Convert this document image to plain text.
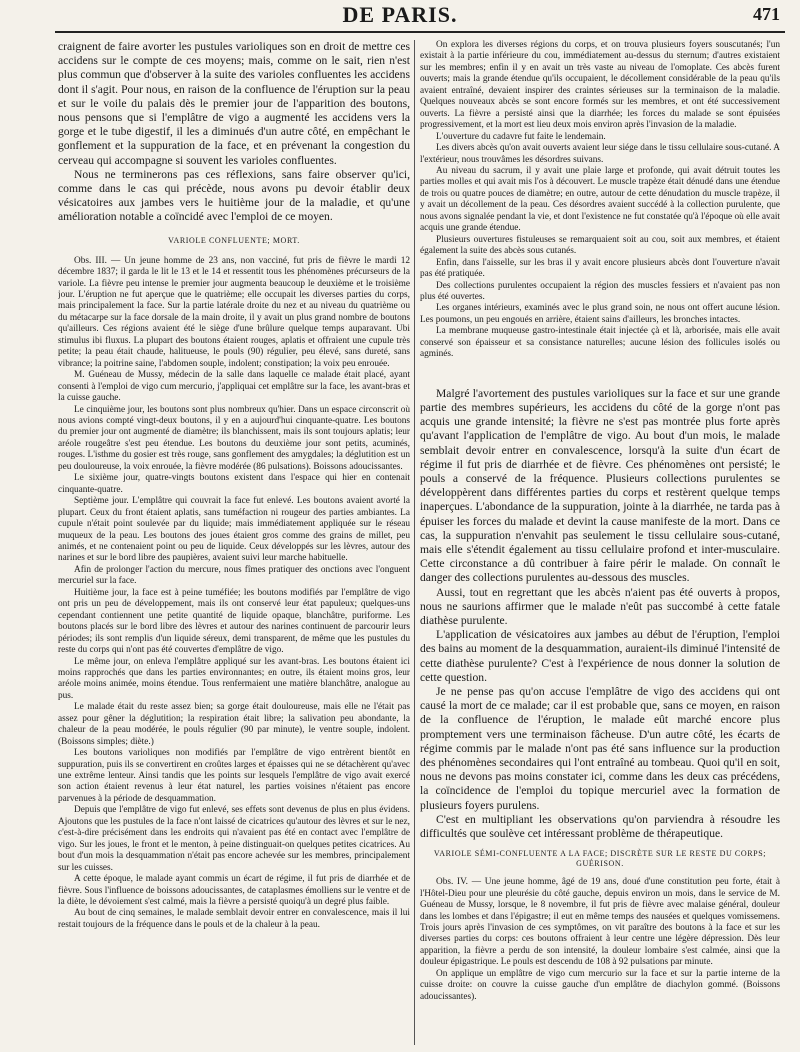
DE PARIS.	471

craignent de faire avorter les pustules varioliques son en droit de mettre ces accidens sur le compte de ces moyens; mais, comme on le sait, rien n'est plus commun que d'observer à la suite des varioles confluentes les accidens dont il s'agit. Pour nous, en raison de la confluence de l'éruption sur la peau et sur le voile du palais dès le premier jour de l'apparition des boutons, nous pensons que si l'emplâtre de vigo a augmenté les accidens vers la gorge et le tube digestif, il les a diminués d'un autre côté, en empêchant le gonflement et la suppuration de la face, et en prévenant la congestion du cerveau qui accompagne si souvent les varioles confluentes.

Nous ne terminerons pas ces réflexions, sans faire observer qu'ici, comme dans le cas qui précède, nous avons pu devoir établir deux vésicatoires aux jambes vers le huitième jour de la maladie, et qu'une amélioration notable a coïncidé avec l'emploi de ce moyen.

VARIOLE CONFLUENTE; MORT.

Obs. III. — Un jeune homme de 23 ans, non vacciné, fut pris de fièvre le mardi 12 décembre 1837; il garda le lit le 13 et le 14 et ressentit tous les phénomènes précurseurs de la variole. La fièvre peu intense le premier jour augmenta beaucoup le deuxième et le troisième jour. L'éruption ne fut aperçue que le quatrième; elle occupait les diverses parties du corps, mais principalement la face. Sur la partie latérale droite du nez et au niveau du quatrième ou du métacarpe sur la face dorsale de la main droite, il y avait un plus grand nombre de boutons qu'ailleurs. Ces régions avaient été le siège d'une brûlure quelque temps auparavant. Ubi stimulus ibi fluxus. La plupart des boutons étaient rouges, aplatis et offraient une cupule très petite; la peau était chaude, halitueuse, le pouls (90) régulier, peu élevé, sans dureté, sans vibrance; la poitrine saine, l'abdomen souple, indolent; constipation; la voix peu enrouée.

M. Guéneau de Mussy, médecin de la salle dans laquelle ce malade était placé, ayant consenti à l'emploi de vigo cum mercurio, j'appliquai cet emplâtre sur la face, les avant-bras et la cuisse gauche.

Le cinquième jour, les boutons sont plus nombreux qu'hier. Dans un espace circonscrit où nous avions compté vingt-deux boutons, il y en a aujourd'hui cinquante-quatre. Les boutons du premier jour ont augmenté de diamètre; ils blanchissent, mais ils sont toujours aplatis; leur aréole rougeâtre s'est peu étendue. Les boutons du deuxième jour sont petits, acuminés, rouges. L'isthme du gosier est très rouge, sans gonflement des amygdales; la déglutition est un peu douloureuse, la voix enrouée, la fièvre modérée (86 pulsations). Boissons adoucissantes.

Le sixième jour, quatre-vingts boutons existent dans l'espace qui hier en contenait cinquante-quatre.

Septième jour. L'emplâtre qui couvrait la face fut enlevé. Les boutons avaient avorté la plupart. Ceux du front étaient aplatis, sans tuméfaction ni rougeur des parties ambiantes. La cupule n'était point soulevée par du liquide; mais immédiatement appliquée sur le réseau muqueux de la peau. Les boutons des joues étaient gros comme des grains de millet, peu animés, et ne contenaient point ou peu de liquide. Ceux développés sur les lèvres, autour des narines et sur le bord libre des paupières, avaient suivi leur marche habituelle.

Afin de prolonger l'action du mercure, nous fîmes pratiquer des onctions avec l'onguent mercuriel sur la face.

Huitième jour, la face est à peine tuméfiée; les boutons modifiés par l'emplâtre de vigo ont pris un peu de développement, mais ils ont conservé leur état papuleux; quelques-uns cependant contiennent une petite quantité de liquide opaque, blanchâtre, puriforme. Les boutons placés sur le bord libre des lèvres et autour des narines continuent de parcourir leurs périodes; ils sont remplis d'un liquide séreux, demi transparent, de même que les pustules du reste du corps qui n'ont pas été couvertes d'emplâtre de vigo.

Le même jour, on enleva l'emplâtre appliqué sur les avant-bras. Les boutons étaient ici moins rapprochés que dans les parties environnantes; en outre, ils étaient moins gros, leur aréole moins animée, moins étendue. Tous renfermaient une matière blanchâtre, analogue au pus.

Le malade était du reste assez bien; sa gorge était douloureuse, mais elle ne l'était pas assez pour gêner la déglutition; la respiration était libre; la salivation peu abondante, la chaleur de la peau modérée, le pouls régulier (90 par minute), le ventre souple, indolent. (Boissons simples; diète.)

Les boutons varioliques non modifiés par l'emplâtre de vigo entrèrent bientôt en suppuration, puis ils se convertirent en croûtes larges et épaisses qui ne se détachèrent qu'avec une extrême lenteur. Ainsi tandis que les points sur lesquels l'emplâtre de vigo avait exercé son action étaient revenus à leur état naturel, les parties voisines n'étaient pas encore parvenues à la période de desquammation.

Depuis que l'emplâtre de vigo fut enlevé, ses effets sont devenus de plus en plus évidens. Ajoutons que les pustules de la face n'ont laissé de cicatrices qu'autour des lèvres et sur le nez, c'est-à-dire précisément dans les endroits qui n'avaient pas été en contact avec l'emplâtre de vigo. Sur les joues, le front et le menton, à peine distinguait-on quelques petites cicatrices. Au bout d'un mois la desquammation n'était pas encore achevée sur les membres, principalement sur les cuisses.

A cette époque, le malade ayant commis un écart de régime, il fut pris de diarrhée et de fièvre. Sous l'influence de boissons adoucissantes, de cataplasmes émolliens sur le ventre et de la diète, le dévoiement s'est calmé, mais la fièvre a persisté quoiqu'à un degré plus faible.

Au bout de cinq semaines, le malade semblait devoir entrer en convalescence, mais il lui restait toujours de la fréquence dans le pouls et de la chaleur à la peau.

On explora les diverses régions du corps, et on trouva plusieurs foyers souscutanés; l'un existait à la partie inférieure du cou, immédiatement au-dessus du sternum; d'autres existaient sur les membres; enfin il y en avait un très vaste au niveau de l'omoplate. Ces abcès furent ouverts; mais la grande étendue qu'ils occupaient, le décollement considérable de la peau qu'ils avaient entraîné, devaient inspirer des craintes sérieuses sur la terminaison de la maladie. Quelques nouveaux abcès se sont encore formés sur les membres, et ont été successivement ouverts. La fièvre a persisté ainsi que la diarrhée; les forces du malade se sont épuisées progressivement, et la mort est lieu deux mois environ après l'invasion de la maladie.

L'ouverture du cadavre fut faite le lendemain.

Les divers abcès qu'on avait ouverts avaient leur siége dans le tissu cellulaire sous-cutané. A l'extérieur, nous trouvâmes les désordres suivans.

Au niveau du sacrum, il y avait une plaie large et profonde, qui avait détruit toutes les parties molles et qui avait mis l'os à découvert. Le muscle trapèze était dénudé dans une étendue de trois ou quatre pouces de diamètre; en outre, autour de cette dénudation du muscle trapèze, il y avait un décollement de la peau. Ces désordres avaient succédé à la collection purulente, que nous avons signalée pendant la vie, et dont l'existence ne fut constatée qu'à l'époque où elle avait acquis une grande étendue.

Plusieurs ouvertures fistuleuses se remarquaient soit au cou, soit aux membres, et étaient également la suite des abcès sous cutanés.

Enfin, dans l'aisselle, sur les bras il y avait encore plusieurs abcès dont l'ouverture n'avait pas été pratiquée.

Des collections purulentes occupaient la région des muscles fessiers et n'avaient pas non plus été ouvertes.

Les organes intérieurs, examinés avec le plus grand soin, ne nous ont offert aucune lésion. Les poumons, un peu engoués en arrière, étaient sains d'ailleurs, les bronches intactes.

La membrane muqueuse gastro-intestinale était injectée çà et là, arborisée, mais elle avait conservé son épaisseur et sa consistance naturelles; aucune lésion des follicules isolés ou agminés.

Malgré l'avortement des pustules varioliques sur la face et sur une grande partie des membres supérieurs, les accidens du côté de la gorge n'ont pas acquis une grande intensité; la fièvre ne s'est pas montrée plus forte après qu'avant l'application de l'emplâtre de vigo. Au bout d'un mois, le malade semblait devoir entrer en convalescence, lorsqu'à la suite d'un écart de régime il fut pris de diarrhée et de fièvre. Ces phénomènes ont persisté; le pouls a conservé de la fréquence. Plusieurs collections purulentes se développèrent dans différentes parties du corps et restèrent quelque temps inaperçues. L'abondance de la suppuration, jointe à la diarrhée, ne tarda pas à épuiser les forces du malade et devint la cause manifeste de la mort. Dans ce cas, la suppuration n'envahit pas seulement le tissu cellulaire sous-cutané, mais elle s'étendit également au tissu cellulaire profond et inter-musculaire. Cette circonstance a dû contribuer à faire périr le malade. On connaît le danger des collections purulentes au-dessous des muscles.

Aussi, tout en regrettant que les abcès n'aient pas été ouverts à propos, nous ne saurions affirmer que le malade n'eût pas succombé à cette fatale diathèse purulente.

L'application de vésicatoires aux jambes au début de l'éruption, l'emploi des bains au moment de la desquammation, auraient-ils diminué l'intensité de cette diathèse purulente? C'est à l'expérience de nous donner la solution de cette question.

Je ne pense pas qu'on accuse l'emplâtre de vigo des accidens qui ont causé la mort de ce malade; car il est probable que, sans ce moyen, en raison de la confluence de l'éruption, le malade eût marché encore plus promptement vers une terminaison fâcheuse. D'un autre côté, les écarts de régime commis par le malade n'ont pas été sans influence sur la production des phénomènes secondaires qui l'ont entraîné au tombeau. Quoi qu'il en soit, nous ne devons pas moins constater ici, comme dans les deux cas précédens, la coïncidence de l'emploi du topique mercuriel avec la formation de plusieurs foyers purulens.

C'est en multipliant les observations qu'on parviendra à résoudre les difficultés que soulève cet intéressant problème de thérapeutique.

VARIOLE SÉMI-CONFLUENTE A LA FACE; DISCRÈTE SUR LE RESTE DU CORPS; GUÉRISON.

Obs. IV. — Une jeune homme, âgé de 19 ans, doué d'une constitution peu forte, était à l'Hôtel-Dieu pour une pleurésie du côté gauche, depuis environ un mois, dans le service de M. Guéneau de Mussy, lorsque, le 8 novembre, il fut pris de fièvre avec malaise général, douleur dans les lombes et dans l'épigastre; il eut en même temps des nausées et quelques vomissemens. Trois jours après l'invasion de ces symptômes, on vit paraître des boutons à la face et sur les diverses parties du corps: ces boutons offraient à leur centre une légère dépression. Dès leur apparition, la fièvre a perdu de son intensité, la douleur lombaire s'est calmée, ainsi que la douleur épigastrique. Le pouls est descendu de 108 à 92 pulsations par minute.

On applique un emplâtre de vigo cum mercurio sur la face et sur la partie interne de la cuisse droite: on couvre la cuisse gauche d'un emplâtre de diachylon gommé. (Boissons adoucissantes).
